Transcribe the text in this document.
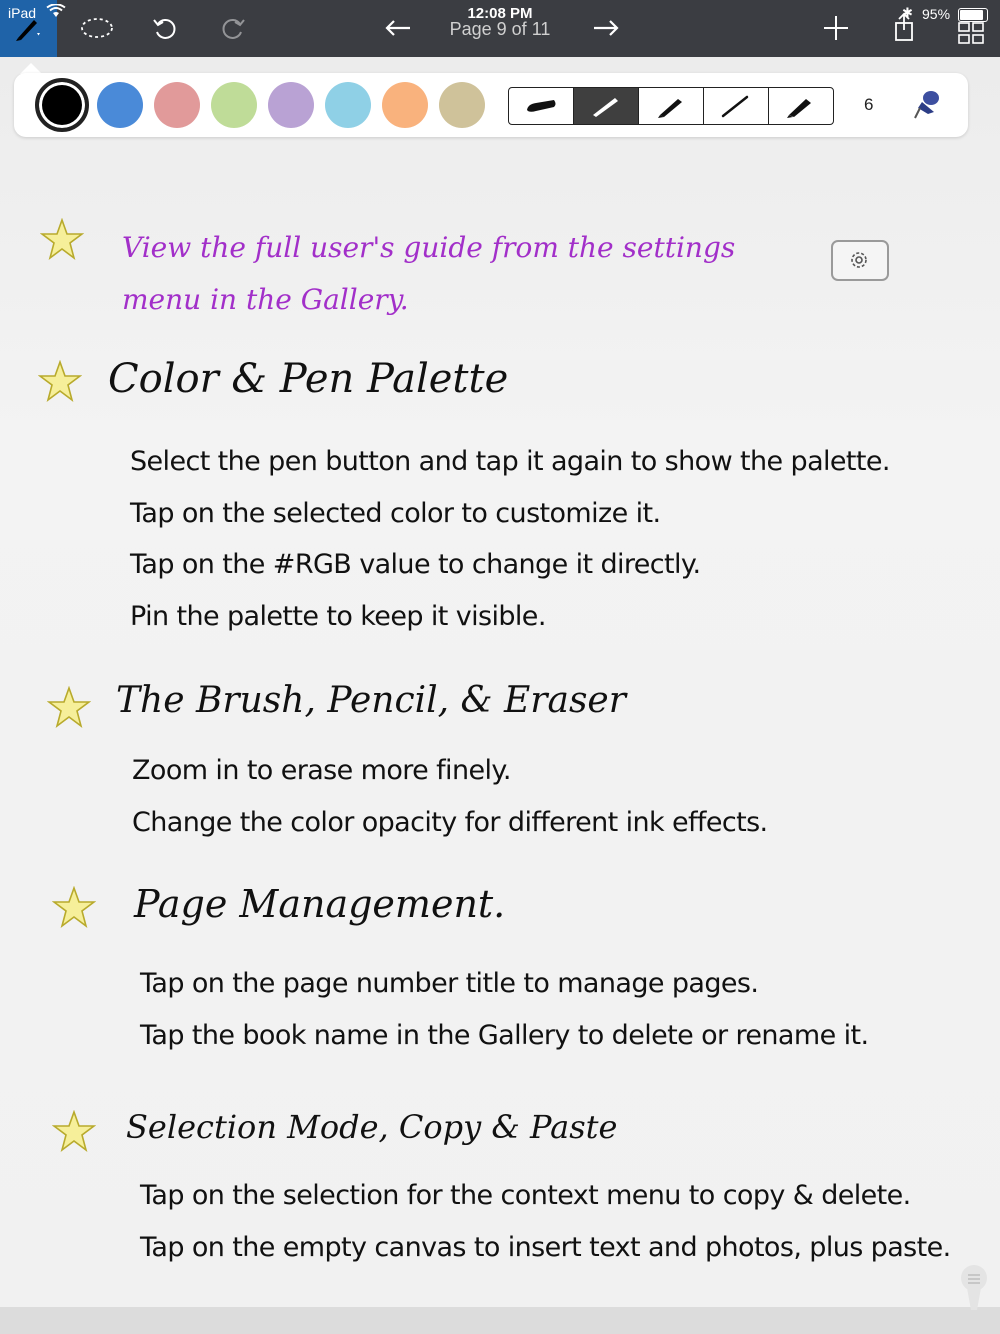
iPad	12:08 PM
Page 9 of 11
✱ 95%
6
View the full user's guide from the settings menu in the Gallery.
Color & Pen Palette
Select the pen button and tap it again to show the palette.
Tap on the selected color to customize it.
Tap on the #RGB value to change it directly.
Pin the palette to keep it visible.
The Brush, Pencil, & Eraser
Zoom in to erase more finely.
Change the color opacity for different ink effects.
Page Management.
Tap on the page number title to manage pages.
Tap the book name in the Gallery to delete or rename it.
Selection Mode, Copy & Paste
Tap on the selection for the context menu to copy & delete.
Tap on the empty canvas to insert text and photos, plus paste.
